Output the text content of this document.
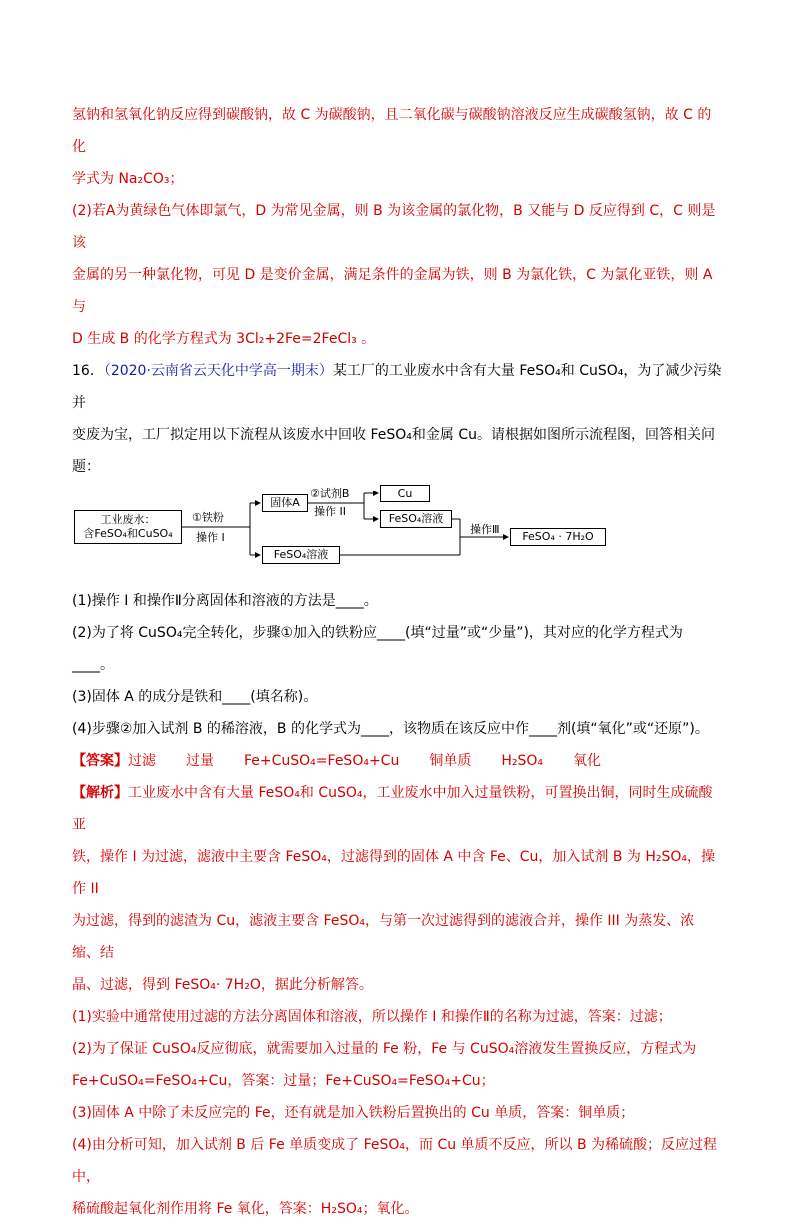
氢钠和氢氧化钠反应得到碳酸钠，故 C 为碳酸钠，且二氧化碳与碳酸钠溶液反应生成碳酸氢钠，故 C 的化

学式为 Na₂CO₃；

(2)若A为黄绿色气体即氯气，D 为常见金属，则 B 为该金属的氯化物，B 又能与 D 反应得到 C，C 则是该

金属的另一种氯化物，可见 D 是变价金属，满足条件的金属为铁，则 B 为氯化铁，C 为氯化亚铁，则 A 与

D 生成 B 的化学方程式为 3Cl₂+2Fe=2FeCl₃ 。

16．（2020·云南省云天化中学高一期末）某工厂的工业废水中含有大量 FeSO₄和 CuSO₄，为了减少污染并

变废为宝，工厂拟定用以下流程从该废水中回收 FeSO₄和金属 Cu。请根据如图所示流程图，回答相关问题：

工业废水：
含FeSO₄和CuSO₄
①铁粉
操作 I
固体A
②试剂B
操作 II
Cu
FeSO₄溶液
FeSO₄溶液
操作Ⅲ
FeSO₄ · 7H₂O

(1)操作 I 和操作Ⅱ分离固体和溶液的方法是____。

(2)为了将 CuSO₄完全转化，步骤①加入的铁粉应____(填“过量”或“少量”)，其对应的化学方程式为____。

(3)固体 A 的成分是铁和____(填名称)。

(4)步骤②加入试剂 B 的稀溶液，B 的化学式为____，该物质在该反应中作____剂(填“氧化”或“还原”)。

【答案】过滤 过量 Fe+CuSO₄=FeSO₄+Cu 铜单质 H₂SO₄ 氧化

【解析】工业废水中含有大量 FeSO₄和 CuSO₄，工业废水中加入过量铁粉，可置换出铜，同时生成硫酸亚

铁，操作 I 为过滤，滤液中主要含 FeSO₄，过滤得到的固体 A 中含 Fe、Cu，加入试剂 B 为 H₂SO₄，操作 II

为过滤，得到的滤渣为 Cu，滤液主要含 FeSO₄，与第一次过滤得到的滤液合并，操作 III 为蒸发、浓缩、结

晶、过滤，得到 FeSO₄· 7H₂O，据此分析解答。

(1)实验中通常使用过滤的方法分离固体和溶液，所以操作 I 和操作Ⅱ的名称为过滤，答案：过滤；

(2)为了保证 CuSO₄反应彻底，就需要加入过量的 Fe 粉，Fe 与 CuSO₄溶液发生置换反应，方程式为

Fe+CuSO₄=FeSO₄+Cu，答案：过量；Fe+CuSO₄=FeSO₄+Cu；

(3)固体 A 中除了未反应完的 Fe，还有就是加入铁粉后置换出的 Cu 单质，答案：铜单质；

(4)由分析可知，加入试剂 B 后 Fe 单质变成了 FeSO₄，而 Cu 单质不反应，所以 B 为稀硫酸；反应过程中，

稀硫酸起氧化剂作用将 Fe 氧化，答案：H₂SO₄；氧化。
